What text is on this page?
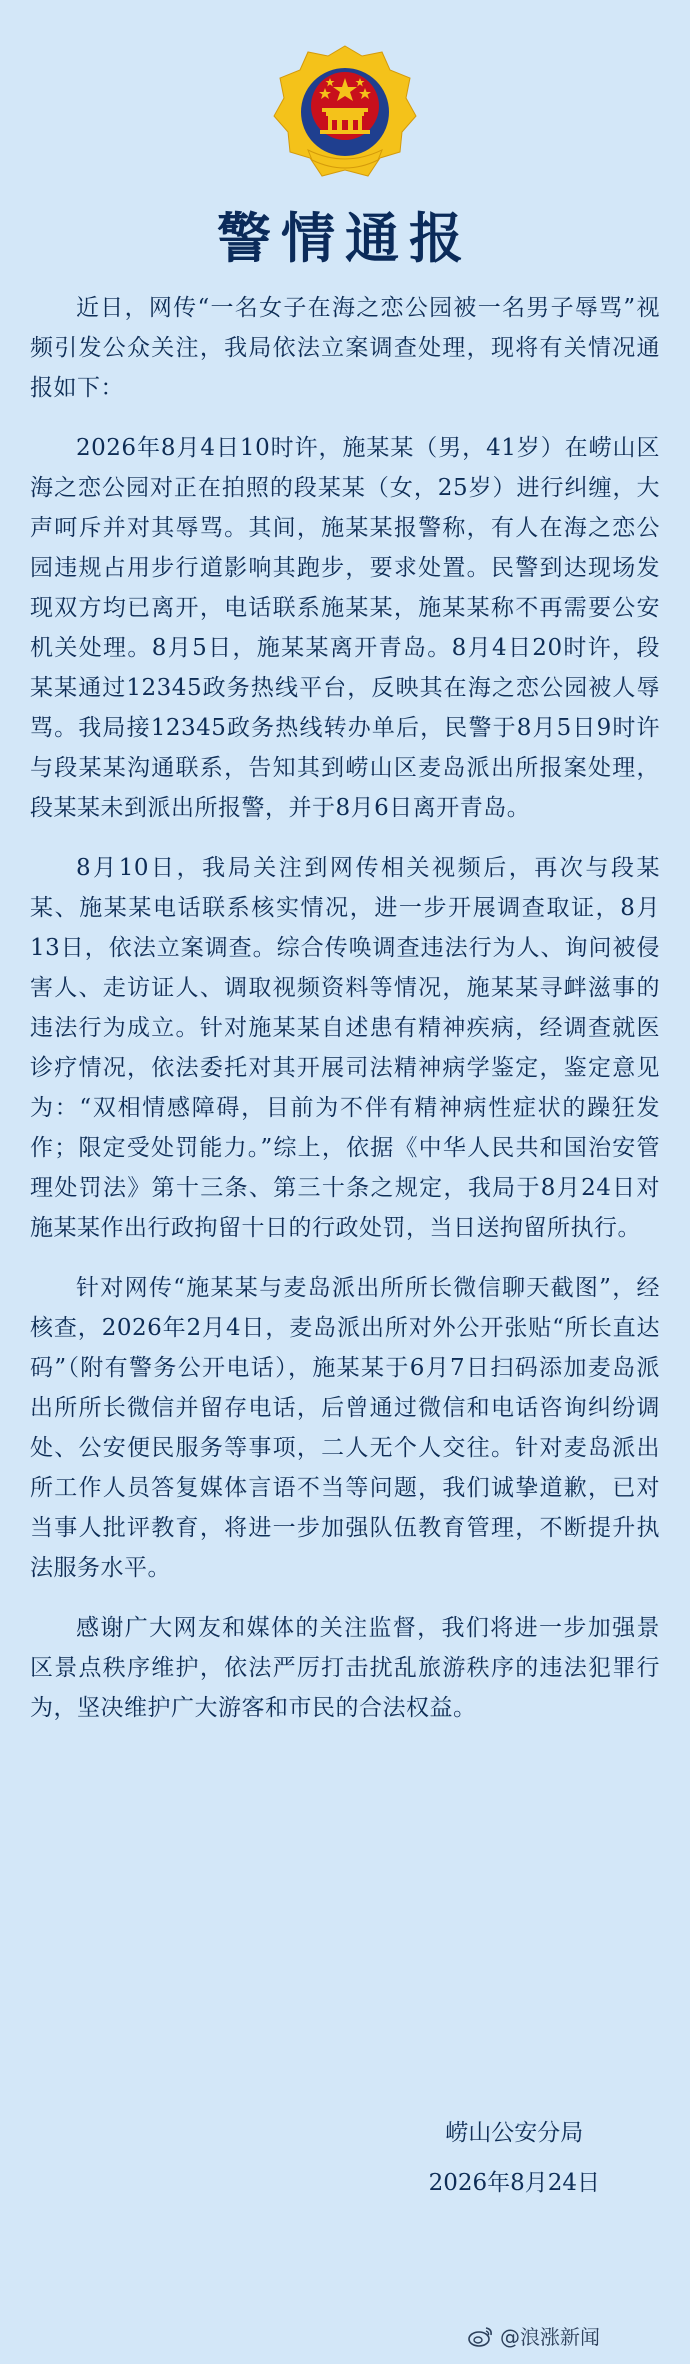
警情通报

近日，网传“一名女子在海之恋公园被一名男子辱骂”视频引发公众关注，我局依法立案调查处理，现将有关情况通报如下：

2026年8月4日10时许，施某某（男，41岁）在崂山区海之恋公园对正在拍照的段某某（女，25岁）进行纠缠，大声呵斥并对其辱骂。其间，施某某报警称，有人在海之恋公园违规占用步行道影响其跑步，要求处置。民警到达现场发现双方均已离开，电话联系施某某，施某某称不再需要公安机关处理。8月5日，施某某离开青岛。8月4日20时许，段某某通过12345政务热线平台，反映其在海之恋公园被人辱骂。我局接12345政务热线转办单后，民警于8月5日9时许与段某某沟通联系，告知其到崂山区麦岛派出所报案处理，段某某未到派出所报警，并于8月6日离开青岛。

8月10日，我局关注到网传相关视频后，再次与段某某、施某某电话联系核实情况，进一步开展调查取证，8月13日，依法立案调查。综合传唤调查违法行为人、询问被侵害人、走访证人、调取视频资料等情况，施某某寻衅滋事的违法行为成立。针对施某某自述患有精神疾病，经调查就医诊疗情况，依法委托对其开展司法精神病学鉴定，鉴定意见为：“双相情感障碍，目前为不伴有精神病性症状的躁狂发作；限定受处罚能力。”综上，依据《中华人民共和国治安管理处罚法》第十三条、第三十条之规定，我局于8月24日对施某某作出行政拘留十日的行政处罚，当日送拘留所执行。

针对网传“施某某与麦岛派出所所长微信聊天截图”，经核查，2026年2月4日，麦岛派出所对外公开张贴“所长直达码”（附有警务公开电话），施某某于6月7日扫码添加麦岛派出所所长微信并留存电话，后曾通过微信和电话咨询纠纷调处、公安便民服务等事项，二人无个人交往。针对麦岛派出所工作人员答复媒体言语不当等问题，我们诚挚道歉，已对当事人批评教育，将进一步加强队伍教育管理，不断提升执法服务水平。

感谢广大网友和媒体的关注监督，我们将进一步加强景区景点秩序维护，依法严厉打击扰乱旅游秩序的违法犯罪行为，坚决维护广大游客和市民的合法权益。

崂山公安分局
2026年8月24日
@浪涨新闻
